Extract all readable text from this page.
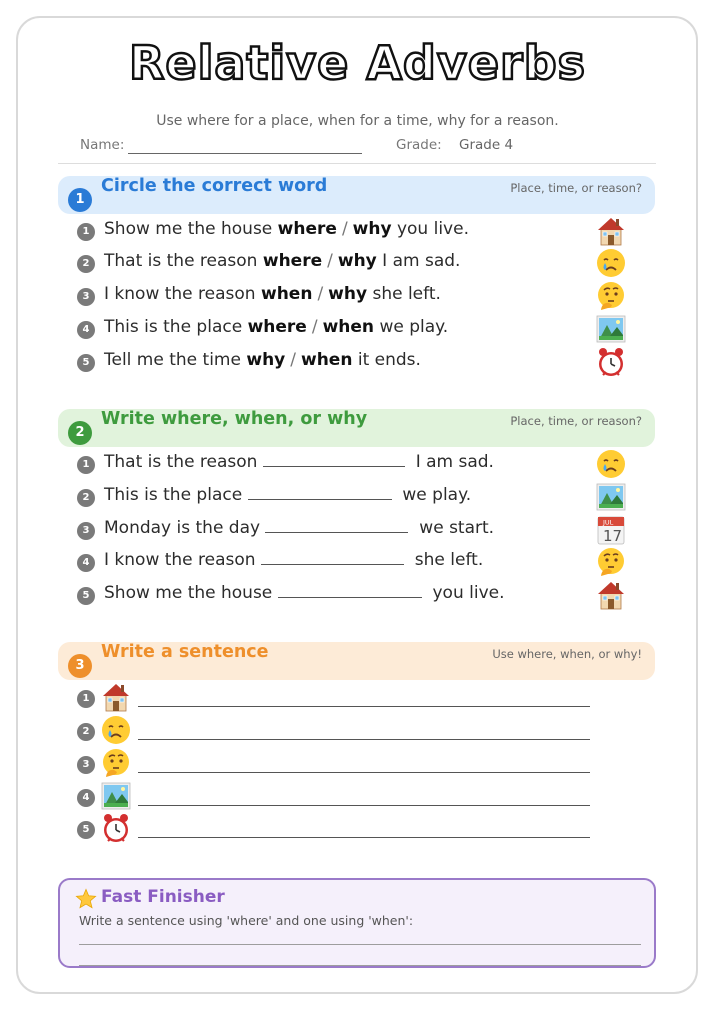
Relative Adverbs
Use where for a place, when for a time, why for a reason.
Name:	Grade: Grade 4
1
Circle the correct word	Place, time, or reason?
1 Show me the house where / why you live.
2 That is the reason where / why I am sad.
3 I know the reason when / why she left.
4 This is the place where / when we play.
5 Tell me the time why / when it ends.
2
Write where, when, or why	Place, time, or reason?
1 That is the reason	I am sad.
2 This is the place	we play.
3 Monday is the day	we start.	JUL
17
4 I know the reason	she left.
5 Show me the house	you live.
3
Write a sentence	Use where, when, or why!
1
2
3
4
5
Fast Finisher
Write a sentence using 'where' and one using 'when':
